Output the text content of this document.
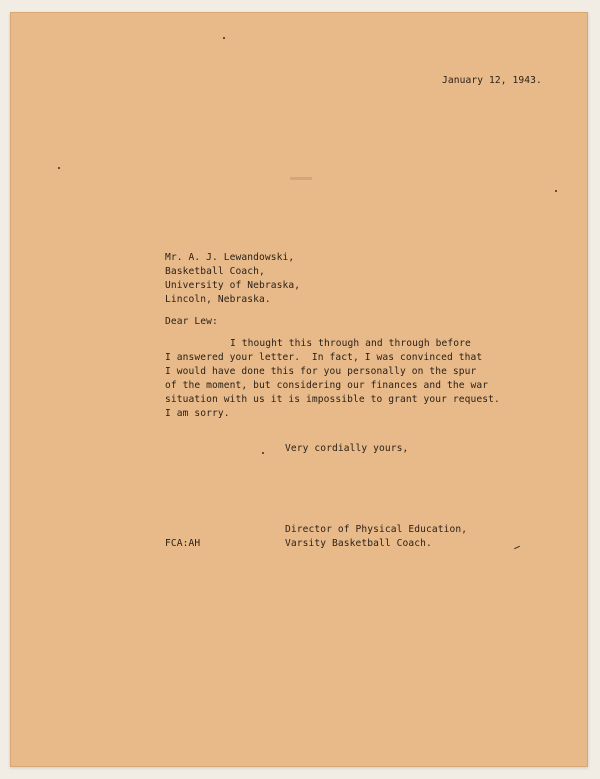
January 12, 1943.
Mr. A. J. Lewandowski,
Basketball Coach,
University of Nebraska,
Lincoln, Nebraska.
Dear Lew:
I thought this through and through before
I answered your letter.  In fact, I was convinced that
I would have done this for you personally on the spur
of the moment, but considering our finances and the war
situation with us it is impossible to grant your request.
I am sorry.
Very cordially yours,
Director of Physical Education,
Varsity Basketball Coach.
FCA:AH
